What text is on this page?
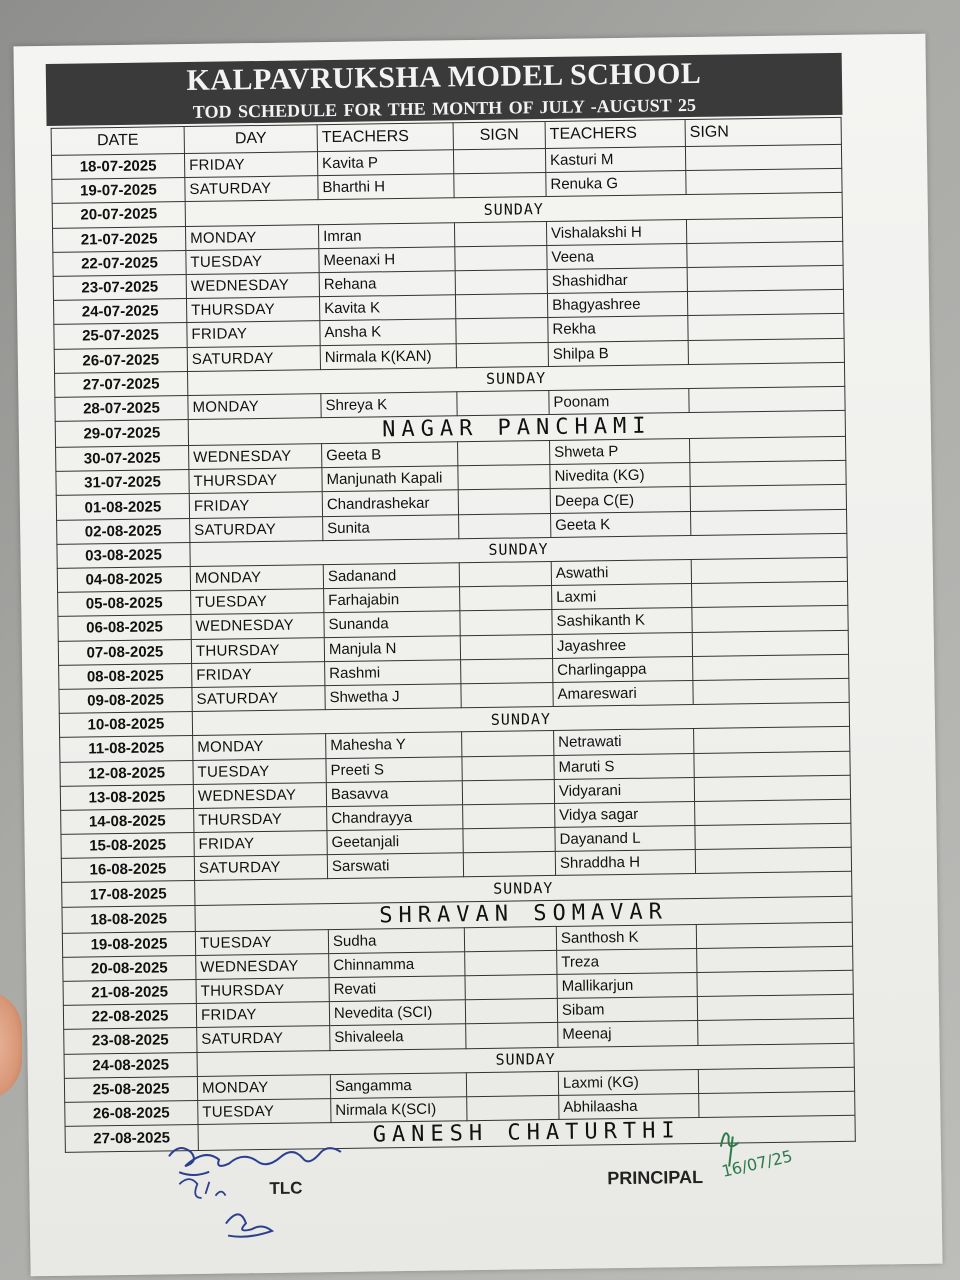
KALPAVRUKSHA MODEL SCHOOL
TOD SCHEDULE FOR THE MONTH OF JULY -AUGUST 25
DATE	DAY	TEACHERS	SIGN	TEACHERS	SIGN
18-07-2025	FRIDAY	Kavita P		Kasturi M	
19-07-2025	SATURDAY	Bharthi H		Renuka G	
20-07-2025	SUNDAY				
21-07-2025	MONDAY	Imran		Vishalakshi H	
22-07-2025	TUESDAY	Meenaxi H		Veena	
23-07-2025	WEDNESDAY	Rehana		Shashidhar	
24-07-2025	THURSDAY	Kavita K		Bhagyashree	
25-07-2025	FRIDAY	Ansha K		Rekha	
26-07-2025	SATURDAY	Nirmala K(KAN)		Shilpa B	
27-07-2025	SUNDAY				
28-07-2025	MONDAY	Shreya K		Poonam	
29-07-2025	NAGAR PANCHAMI				
30-07-2025	WEDNESDAY	Geeta B		Shweta P	
31-07-2025	THURSDAY	Manjunath Kapali		Nivedita (KG)	
01-08-2025	FRIDAY	Chandrashekar		Deepa C(E)	
02-08-2025	SATURDAY	Sunita		Geeta K	
03-08-2025	SUNDAY				
04-08-2025	MONDAY	Sadanand		Aswathi	
05-08-2025	TUESDAY	Farhajabin		Laxmi	
06-08-2025	WEDNESDAY	Sunanda		Sashikanth K	
07-08-2025	THURSDAY	Manjula N		Jayashree	
08-08-2025	FRIDAY	Rashmi		Charlingappa	
09-08-2025	SATURDAY	Shwetha J		Amareswari	
10-08-2025	SUNDAY				
11-08-2025	MONDAY	Mahesha Y		Netrawati	
12-08-2025	TUESDAY	Preeti S		Maruti S	
13-08-2025	WEDNESDAY	Basavva		Vidyarani	
14-08-2025	THURSDAY	Chandrayya		Vidya sagar	
15-08-2025	FRIDAY	Geetanjali		Dayanand L	
16-08-2025	SATURDAY	Sarswati		Shraddha H	
17-08-2025	SUNDAY				
18-08-2025	SHRAVAN SOMAVAR				
19-08-2025	TUESDAY	Sudha		Santhosh K	
20-08-2025	WEDNESDAY	Chinnamma		Treza	
21-08-2025	THURSDAY	Revati		Mallikarjun	
22-08-2025	FRIDAY	Nevedita (SCI)		Sibam	
23-08-2025	SATURDAY	Shivaleela		Meenaj	
24-08-2025	SUNDAY				
25-08-2025	MONDAY	Sangamma		Laxmi (KG)	
26-08-2025	TUESDAY	Nirmala K(SCI)		Abhilaasha	
27-08-2025	GANESH CHATURTHI				
TLC	PRINCIPAL 16/07/25
